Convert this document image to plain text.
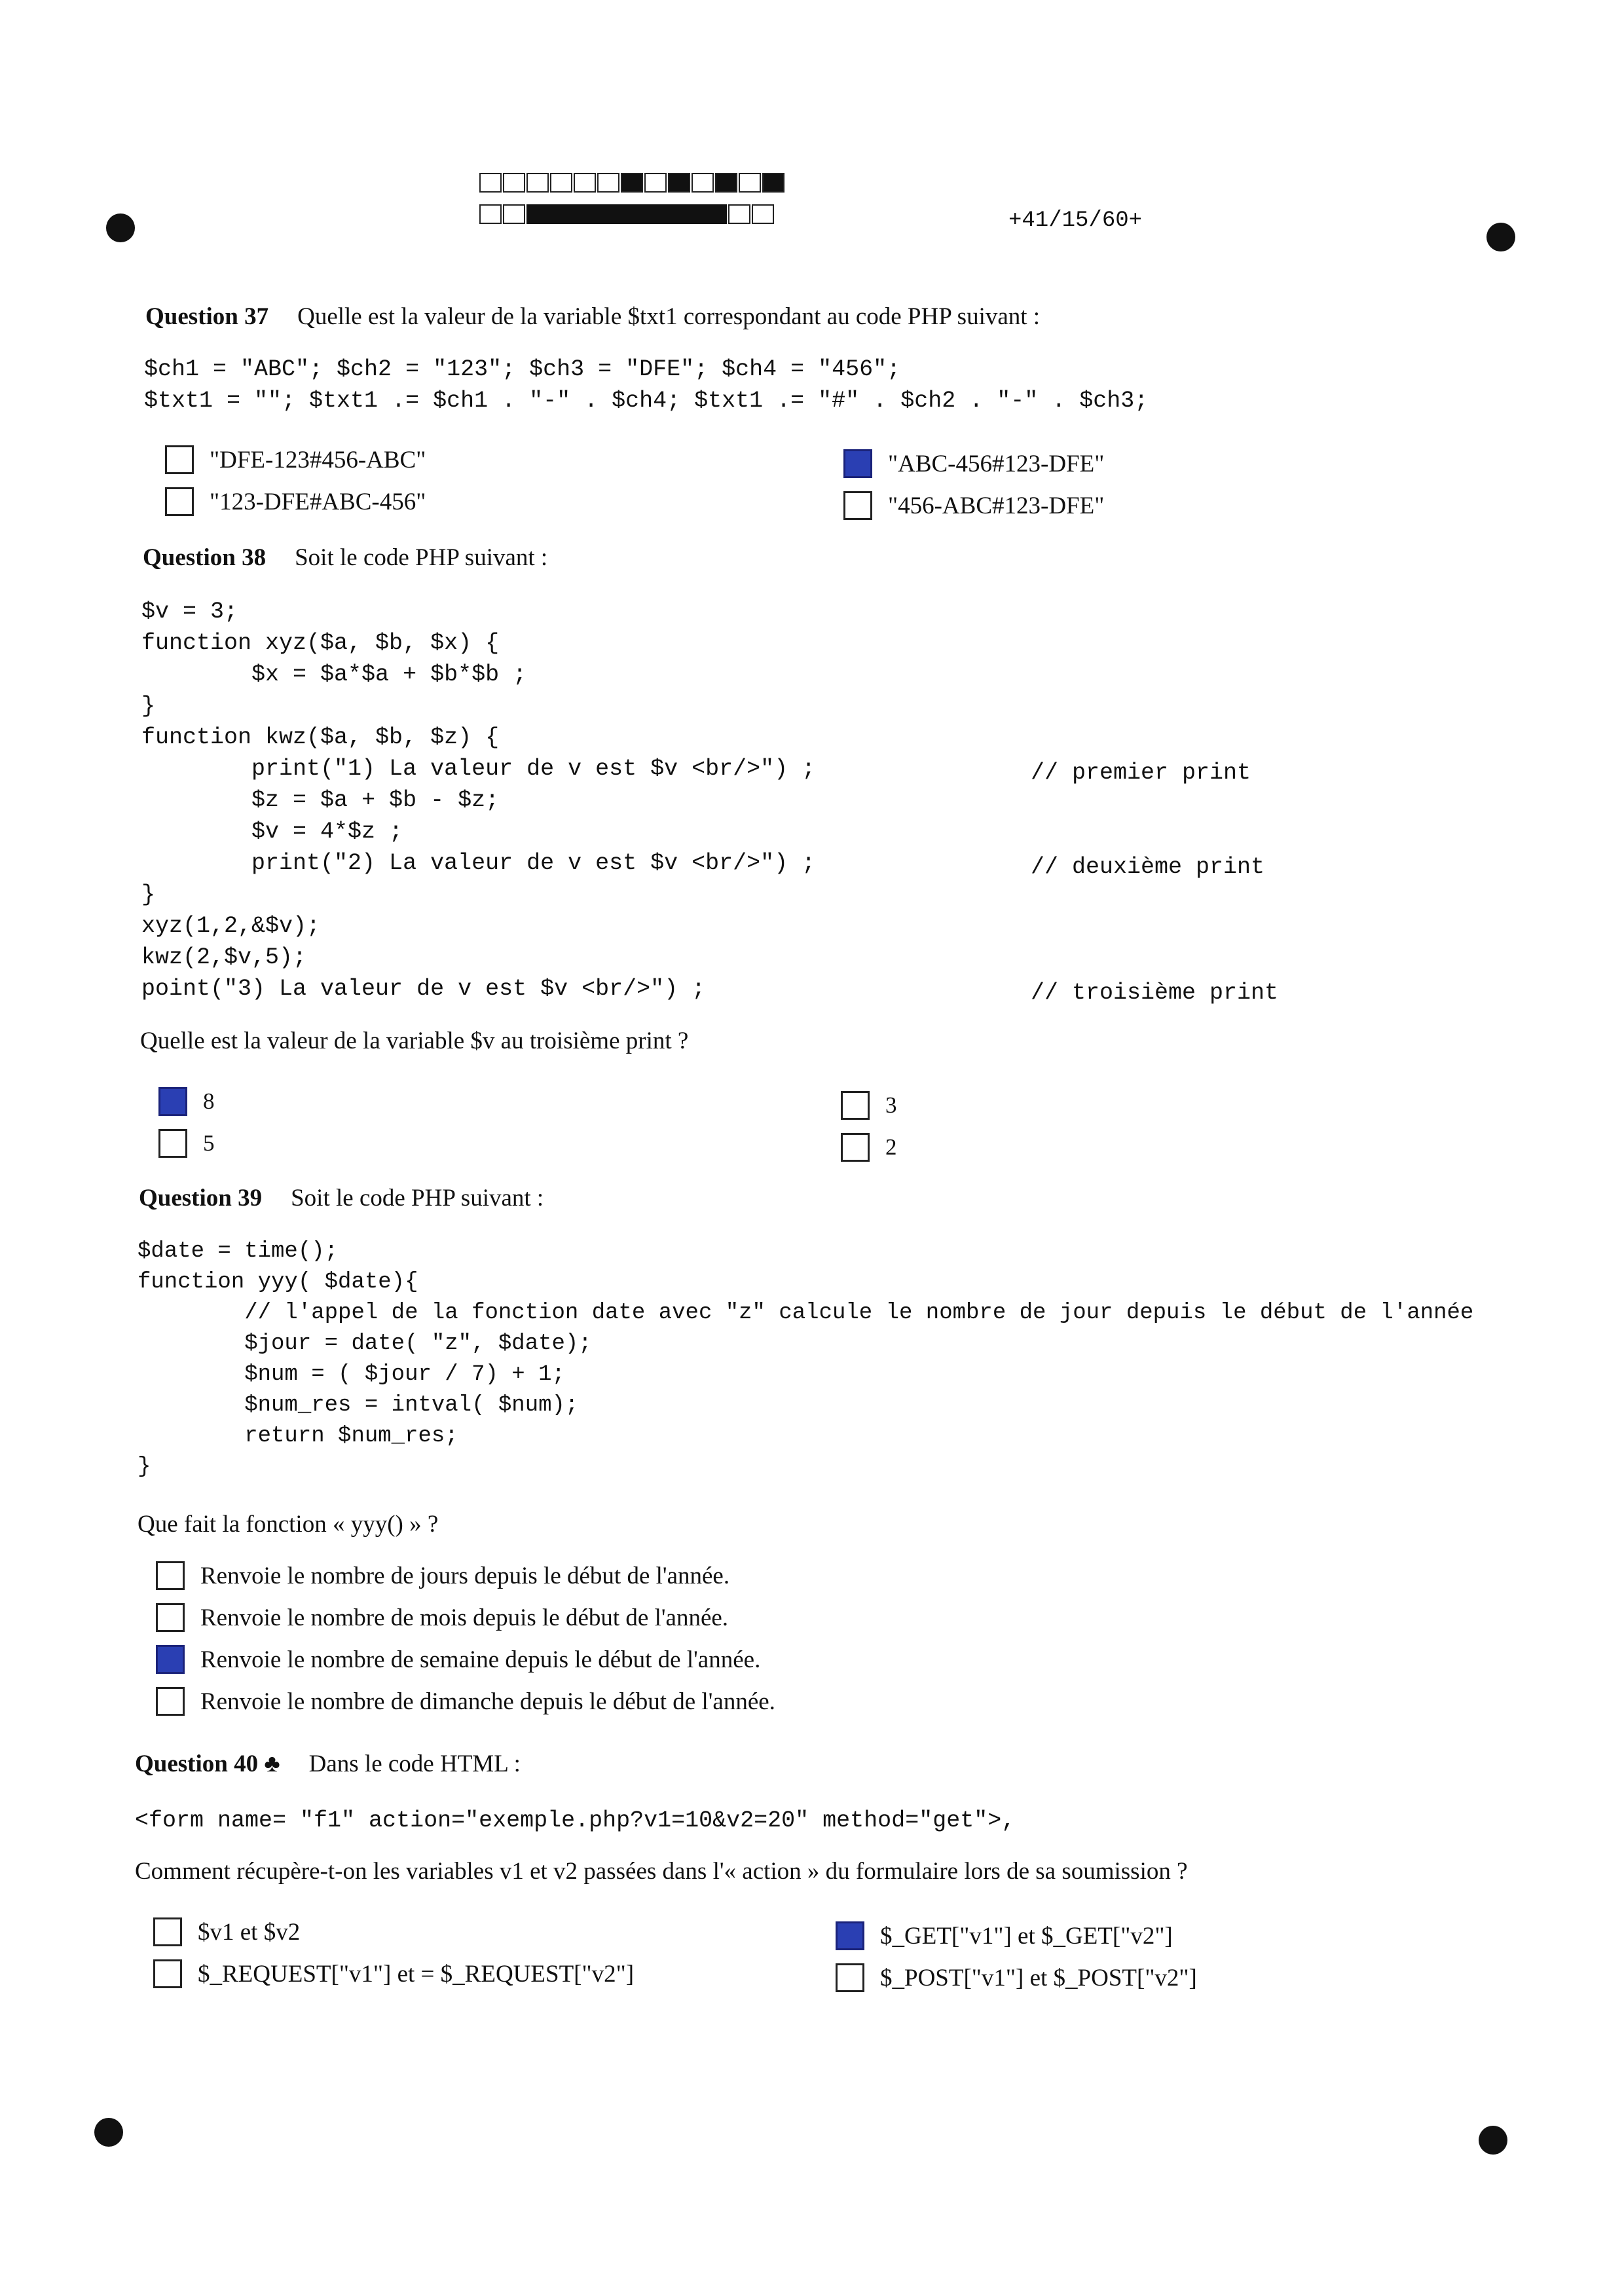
+41/15/60+
Question 37 Quelle est la valeur de la variable $txt1 correspondant au code PHP suivant :
$ch1 = "ABC"; $ch2 = "123"; $ch3 = "DFE"; $ch4 = "456";
$txt1 = ""; $txt1 .= $ch1 . "-" . $ch4; $txt1 .= "#" . $ch2 . "-" . $ch3;
"DFE-123#456-ABC"
"123-DFE#ABC-456"
"ABC-456#123-DFE"
"456-ABC#123-DFE"
Question 38 Soit le code PHP suivant :
$v = 3;
function xyz($a, $b, $x) {
$x = $a*$a + $b*$b ;
}
function kwz($a, $b, $z) {
print("1) La valeur de v est $v <br/>") ;
$z = $a + $b - $z;
$v = 4*$z ;
print("2) La valeur de v est $v <br/>") ;
}
xyz(1,2,&$v);
kwz(2,$v,5);
point("3) La valeur de v est $v <br/>") ;
// premier print
// deuxième print
// troisième print
Quelle est la valeur de la variable $v au troisième print ?
8
5
3
2
Question 39 Soit le code PHP suivant :
$date = time();
function yyy( $date){
// l'appel de la fonction date avec "z" calcule le nombre de jour depuis le début de l'année
$jour = date( "z", $date);
$num = ( $jour / 7) + 1;
$num_res = intval( $num);
return $num_res;
}
Que fait la fonction « yyy() » ?
Renvoie le nombre de jours depuis le début de l'année.
Renvoie le nombre de mois depuis le début de l'année.
Renvoie le nombre de semaine depuis le début de l'année.
Renvoie le nombre de dimanche depuis le début de l'année.
Question 40 ♣ Dans le code HTML :
<form name= "f1" action="exemple.php?v1=10&v2=20" method="get">,
Comment récupère-t-on les variables v1 et v2 passées dans l'« action » du formulaire lors de sa soumission ?
$v1 et $v2
$_REQUEST["v1"] et = $_REQUEST["v2"]
$_GET["v1"] et $_GET["v2"]
$_POST["v1"] et $_POST["v2"]
